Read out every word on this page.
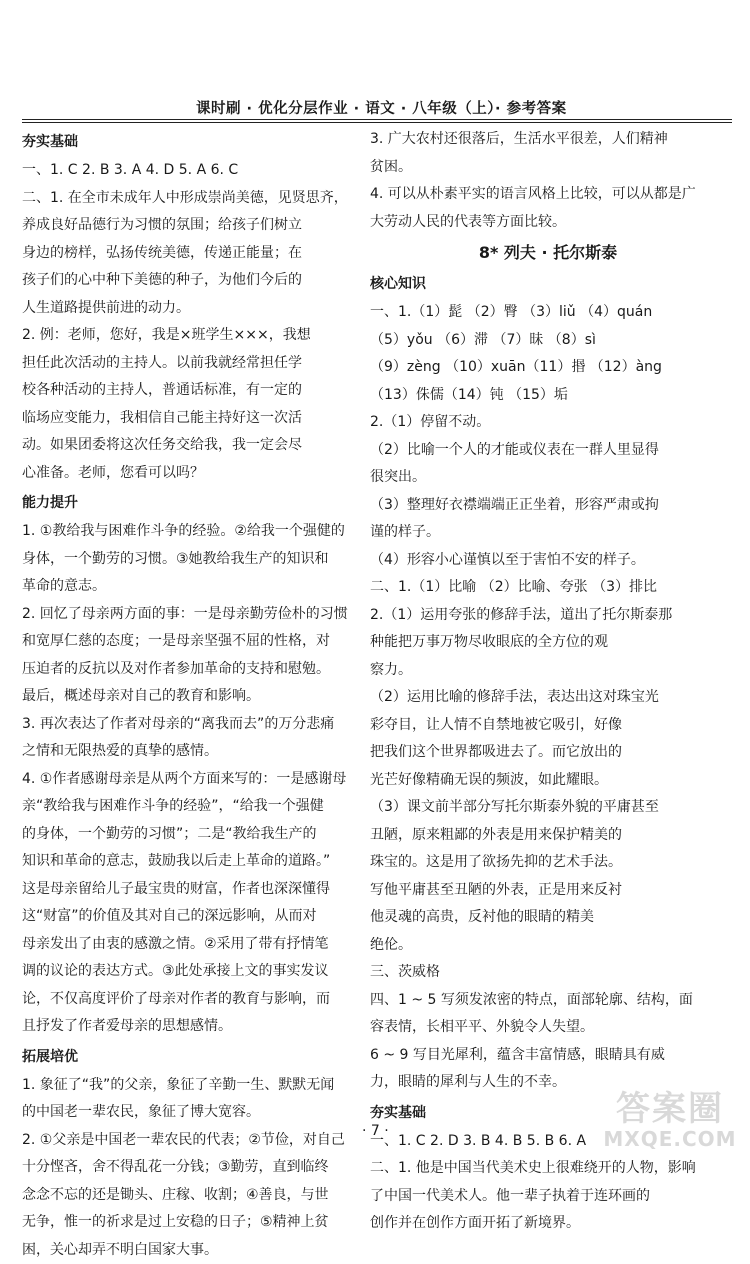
课时刷 · 优化分层作业 · 语文 · 八年级（上）· 参考答案
夯实基础
一、1. C 2. B 3. A 4. D 5. A 6. C
二、1. 在全市未成年人中形成崇尚美德，见贤思齐，
养成良好品德行为习惯的氛围；给孩子们树立
身边的榜样，弘扬传统美德，传递正能量；在
孩子们的心中种下美德的种子，为他们今后的
人生道路提供前进的动力。
2. 例：老师，您好，我是×班学生×××，我想
担任此次活动的主持人。以前我就经常担任学
校各种活动的主持人，普通话标准，有一定的
临场应变能力，我相信自己能主持好这一次活
动。如果团委将这次任务交给我，我一定会尽
心准备。老师，您看可以吗？
能力提升
1. ①教给我与困难作斗争的经验。②给我一个强健的
身体，一个勤劳的习惯。③她教给我生产的知识和
革命的意志。
2. 回忆了母亲两方面的事：一是母亲勤劳俭朴的习惯
和宽厚仁慈的态度；一是母亲坚强不屈的性格，对
压迫者的反抗以及对作者参加革命的支持和慰勉。
最后，概述母亲对自己的教育和影响。
3. 再次表达了作者对母亲的“离我而去”的万分悲痛
之情和无限热爱的真挚的感情。
4. ①作者感谢母亲是从两个方面来写的：一是感谢母
亲“教给我与困难作斗争的经验”，“给我一个强健
的身体，一个勤劳的习惯”；二是“教给我生产的
知识和革命的意志，鼓励我以后走上革命的道路。”
这是母亲留给儿子最宝贵的财富，作者也深深懂得
这“财富”的价值及其对自己的深远影响，从而对
母亲发出了由衷的感激之情。②采用了带有抒情笔
调的议论的表达方式。③此处承接上文的事实发议
论，不仅高度评价了母亲对作者的教育与影响，而
且抒发了作者爱母亲的思想感情。
拓展培优
1. 象征了“我”的父亲，象征了辛勤一生、默默无闻
的中国老一辈农民，象征了博大宽容。
2. ①父亲是中国老一辈农民的代表；②节俭，对自己
十分悭吝，舍不得乱花一分钱；③勤劳，直到临终
念念不忘的还是锄头、庄稼、收割；④善良，与世
无争，惟一的祈求是过上安稳的日子；⑤精神上贫
困，关心却弄不明白国家大事。
3. 广大农村还很落后，生活水平很差，人们精神
贫困。
4. 可以从朴素平实的语言风格上比较，可以从都是广
大劳动人民的代表等方面比较。
8* 列夫 · 托尔斯泰
核心知识
一、1.（1）髭 （2）臀 （3）liǔ （4）quán
（5）yǒu （6）滞 （7）昧 （8）sì
（9）zèng （10）xuān（11）㨉 （12）àng
（13）侏儒（14）钝 （15）垢
2.（1）停留不动。
（2）比喻一个人的才能或仪表在一群人里显得
很突出。
（3）整理好衣襟端端正正坐着，形容严肃或拘
谨的样子。
（4）形容小心谨慎以至于害怕不安的样子。
二、1.（1）比喻 （2）比喻、夸张 （3）排比
2.（1）运用夸张的修辞手法，道出了托尔斯泰那
种能把万事万物尽收眼底的全方位的观
察力。
（2）运用比喻的修辞手法，表达出这对珠宝光
彩夺目，让人情不自禁地被它吸引，好像
把我们这个世界都吸进去了。而它放出的
光芒好像精确无误的频波，如此耀眼。
（3）课文前半部分写托尔斯泰外貌的平庸甚至
丑陋，原来粗鄙的外表是用来保护精美的
珠宝的。这是用了欲扬先抑的艺术手法。
写他平庸甚至丑陋的外表，正是用来反衬
他灵魂的高贵，反衬他的眼睛的精美
绝伦。
三、茨威格
四、1 ~ 5 写须发浓密的特点，面部轮廓、结构，面
容表情，长相平平、外貌令人失望。
6 ~ 9 写目光犀利，蕴含丰富情感，眼睛具有威
力，眼睛的犀利与人生的不幸。
夯实基础
一、1. C 2. D 3. B 4. B 5. B 6. A
二、1. 他是中国当代美术史上很难绕开的人物，影响
了中国一代美术人。他一辈子执着于连环画的
创作并在创作方面开拓了新境界。
· 7 ·
答案圈
MXQE.COM
